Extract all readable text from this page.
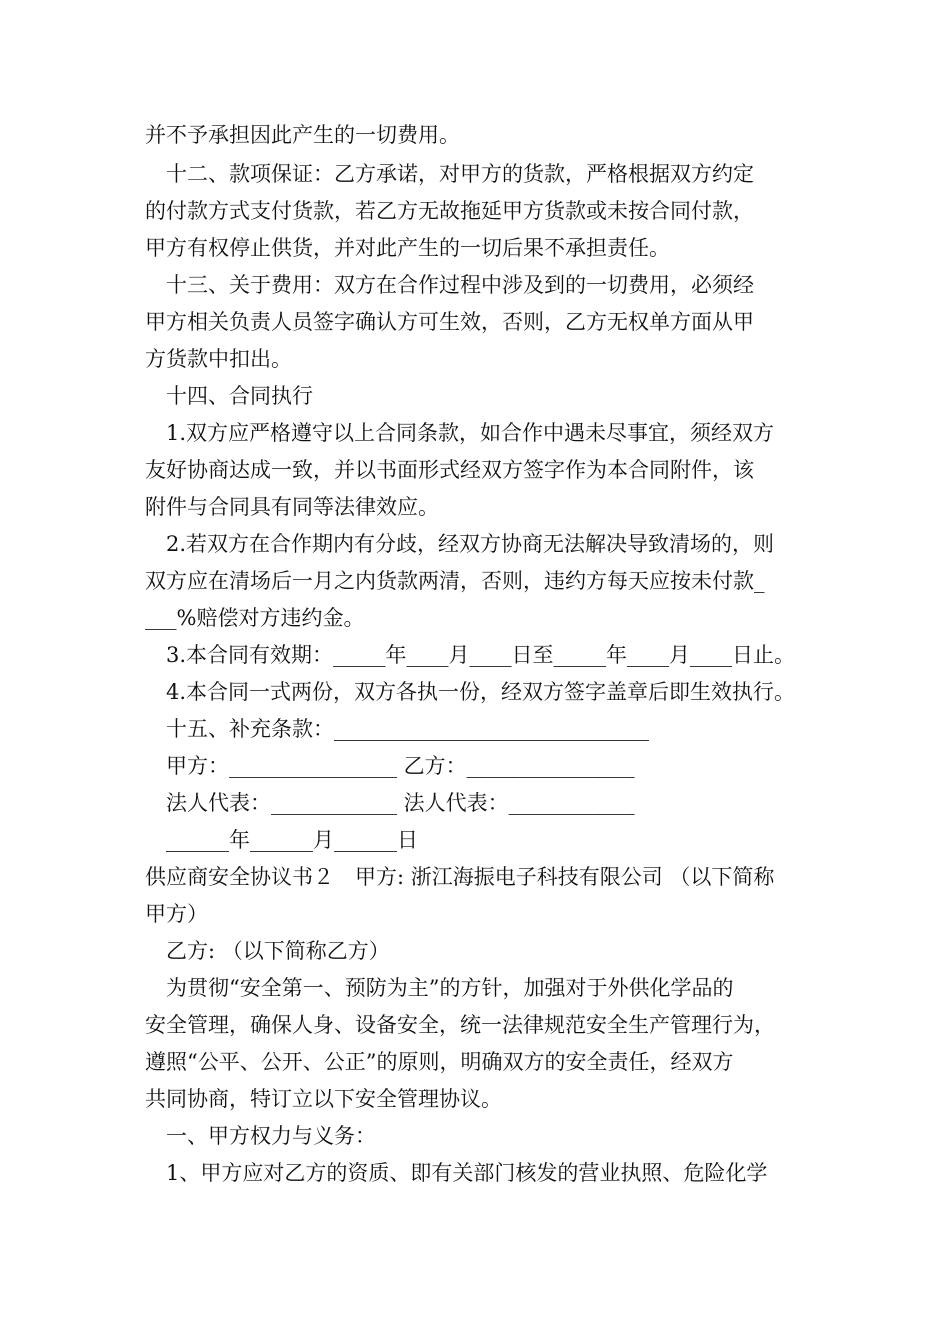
并不予承担因此产生的一切费用。
十二、款项保证：乙方承诺，对甲方的货款，严格根据双方约定
的付款方式支付货款，若乙方无故拖延甲方货款或未按合同付款，
甲方有权停止供货，并对此产生的一切后果不承担责任。
十三、关于费用：双方在合作过程中涉及到的一切费用，必须经
甲方相关负责人员签字确认方可生效，否则，乙方无权单方面从甲
方货款中扣出。
十四、合同执行
1.双方应严格遵守以上合同条款，如合作中遇未尽事宜，须经双方
友好协商达成一致，并以书面形式经双方签字作为本合同附件，该
附件与合同具有同等法律效应。
2.若双方在合作期内有分歧，经双方协商无法解决导致清场的，则
双方应在清场后一月之内货款两清，否则，违约方每天应按未付款_
___%赔偿对方违约金。
3.本合同有效期：_____年____月____日至_____年____月____日止。
4.本合同一式两份，双方各执一份，经双方签字盖章后即生效执行。
十五、补充条款：______________________________
甲方：________________ 乙方：________________
法人代表：____________ 法人代表：____________
______年______月______日
供应商安全协议书２　甲方: 浙江海振电子科技有限公司 （以下简称
甲方）
乙方: （以下简称乙方）
为贯彻“安全第一、预防为主”的方针，加强对于外供化学品的
安全管理，确保人身、设备安全，统一法律规范安全生产管理行为，
遵照“公平、公开、公正”的原则，明确双方的安全责任，经双方
共同协商，特订立以下安全管理协议。
一、甲方权力与义务：
1、甲方应对乙方的资质、即有关部门核发的营业执照、危险化学
